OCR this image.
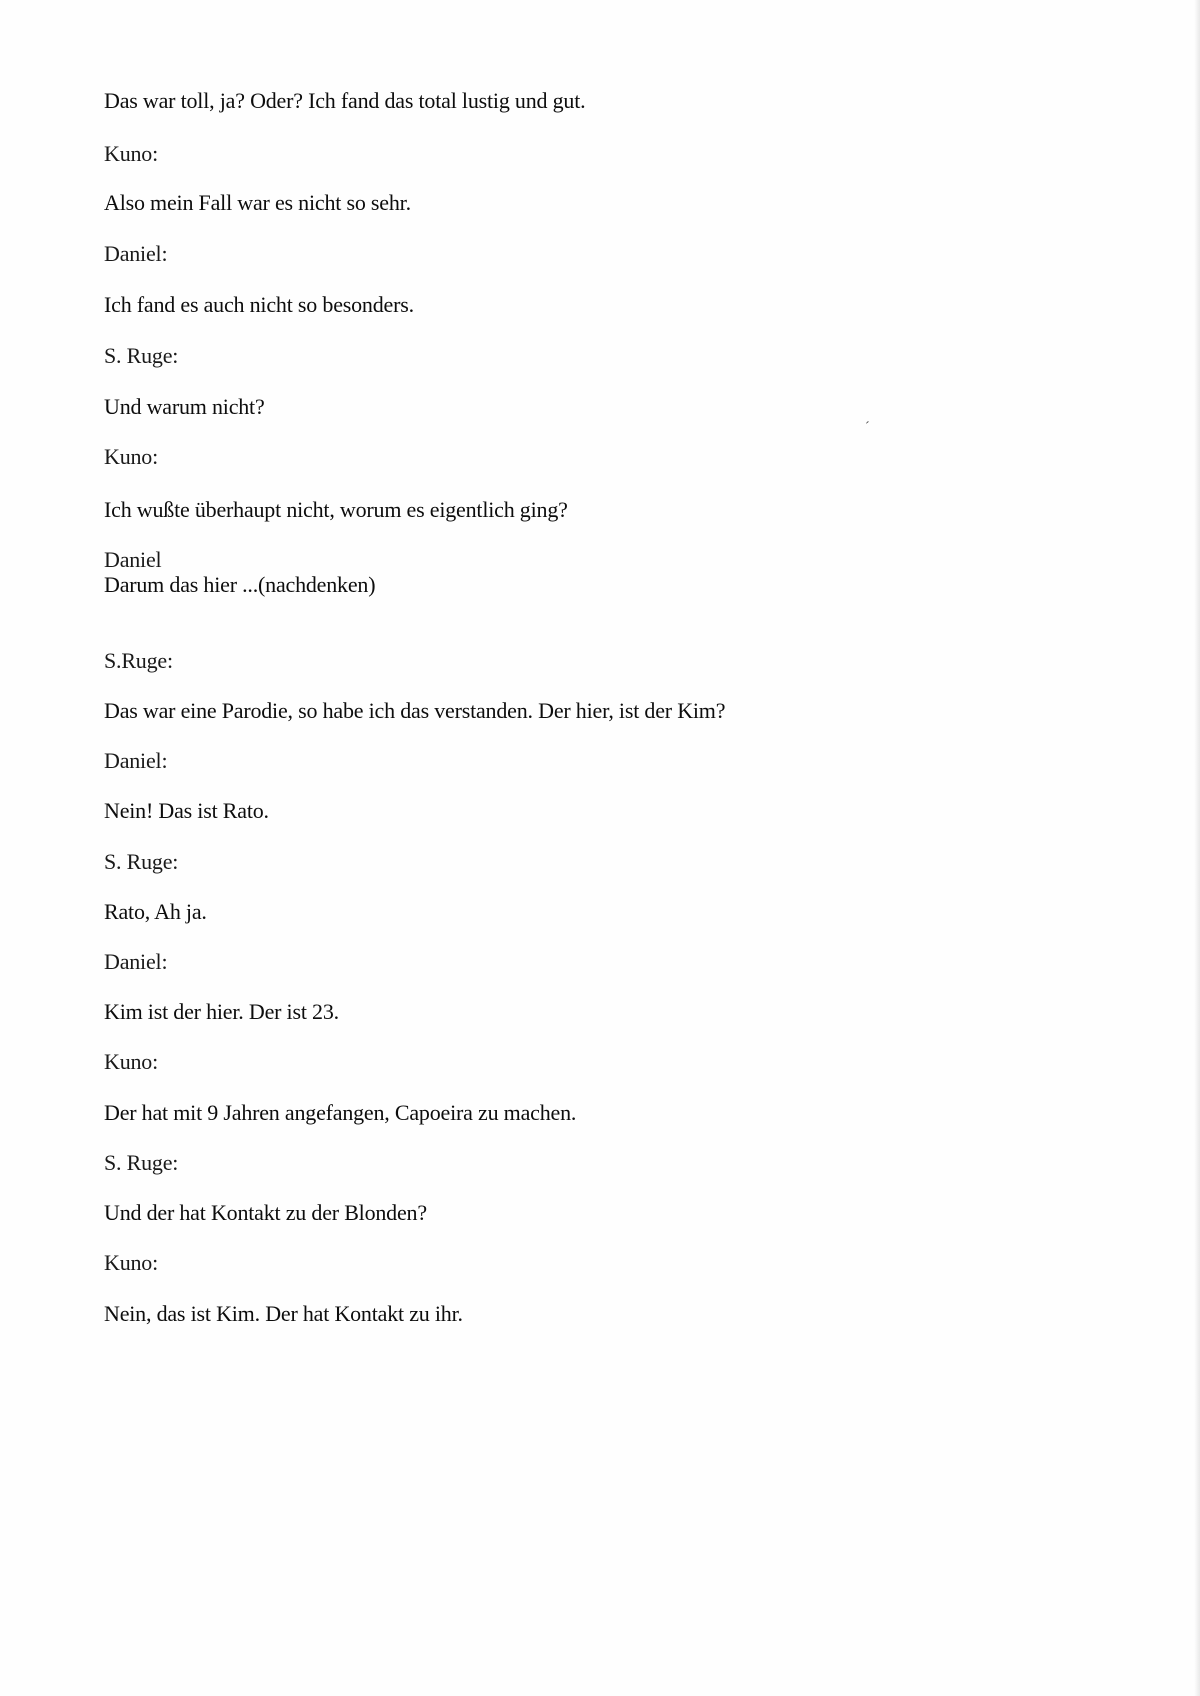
Das war toll, ja? Oder? Ich fand das total lustig und gut.
Kuno:
Also mein Fall war es nicht so sehr.
Daniel:
Ich fand es auch nicht so besonders.
S. Ruge:
Und warum nicht?
Kuno:
Ich wußte überhaupt nicht, worum es eigentlich ging?
Daniel
Darum das hier ...(nachdenken)
S.Ruge:
Das war eine Parodie, so habe ich das verstanden. Der hier, ist der Kim?
Daniel:
Nein! Das ist Rato.
S. Ruge:
Rato, Ah ja.
Daniel:
Kim ist der hier. Der ist 23.
Kuno:
Der hat mit 9 Jahren angefangen, Capoeira zu machen.
S. Ruge:
Und der hat Kontakt zu der Blonden?
Kuno:
Nein, das ist Kim. Der hat Kontakt zu ihr.
ˊ
